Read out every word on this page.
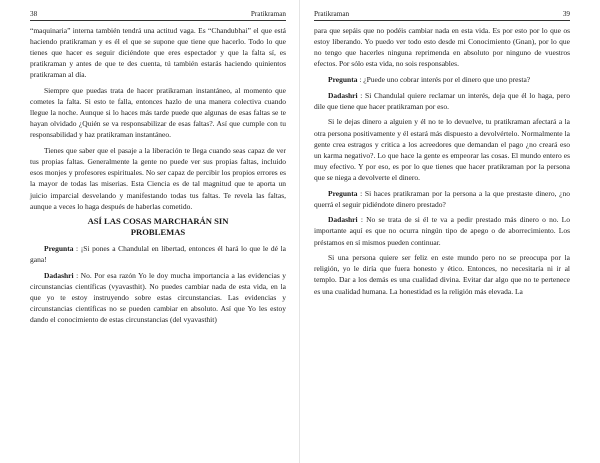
38	Pratikraman

“maquinaria” interna también tendrá una actitud vaga. Es “Chandubhai” el que está haciendo pratikraman y es él el que se supone que tiene que hacerlo. Todo lo que tienes que hacer es seguir diciéndote que eres espectador y que la falta sí, es pratikraman y antes de que te des cuenta, tú también estarás haciendo quinientos pratikraman al día.

Siempre que puedas trata de hacer pratikraman instantáneo, al momento que cometes la falta. Si esto te falla, entonces hazlo de una manera colectiva cuando llegue la noche. Aunque si lo haces más tarde puede que algunas de esas faltas se te hayan olvidado ¿Quién se va responsabilizar de esas faltas?. Así que cumple con tu responsabilidad y haz pratikraman instantáneo.

Tienes que saber que el pasaje a la liberación te llega cuando seas capaz de ver tus propias faltas. Generalmente la gente no puede ver sus propias faltas, incluido esos monjes y profesores espirituales. No ser capaz de percibir los propios errores es la mayor de todas las miserias. Esta Ciencia es de tal magnitud que te aporta un juicio imparcial desvelando y manifestando todas tus faltas. Te revela las faltas, aunque a veces lo haga después de haberlas cometido.

ASÍ LAS COSAS MARCHARÁN SIN
PROBLEMAS

Pregunta : ¡Si pones a Chandulal en libertad, entonces él hará lo que le dé la gana!

Dadashri : No. Por esa razón Yo le doy mucha importancia a las evidencias y circunstancias científicas (vyavasthit). No puedes cambiar nada de esta vida, en la que yo te estoy instruyendo sobre estas circunstancias. Las evidencias y circunstancias científicas no se pueden cambiar en absoluto. Así que Yo les estoy dando el conocimiento de estas circunstancias (del vyavasthit)

Pratikraman	39

para que sepáis que no podéis cambiar nada en esta vida. Es por esto por lo que os estoy liberando. Yo puedo ver todo esto desde mi Conocimiento (Gnan), por lo que no tengo que hacerles ninguna reprimenda en absoluto por ninguno de vuestros efectos. Por sólo esta vida, no sois responsables.

Pregunta : ¿Puede uno cobrar interés por el dinero que uno presta?

Dadashri : Si Chandulal quiere reclamar un interés, deja que él lo haga, pero dile que tiene que hacer pratikraman por eso.

Si le dejas dinero a alguien y él no te lo devuelve, tu pratikraman afectará a la otra persona positivamente y él estará más dispuesto a devolvértelo. Normalmente la gente crea estragos y critica a los acreedores que demandan el pago ¿no creará eso un karma negativo?. Lo que hace la gente es empeorar las cosas. El mundo entero es muy efectivo. Y por eso, es por lo que tienes que hacer pratikraman por la persona que se niega a devolverte el dinero.

Pregunta : Si haces pratikraman por la persona a la que prestaste dinero, ¿no querrá el seguir pidiéndote dinero prestado?

Dadashri : No se trata de si él te va a pedir prestado más dinero o no. Lo importante aquí es que no ocurra ningún tipo de apego o de aborrecimiento. Los préstamos en sí mismos pueden continuar.

Si una persona quiere ser feliz en este mundo pero no se preocupa por la religión, yo le diría que fuera honesto y ético. Entonces, no necesitaría ni ir al templo. Dar a los demás es una cualidad divina. Evitar dar algo que no te pertenece es una cualidad humana. La honestidad es la religión más elevada. La
